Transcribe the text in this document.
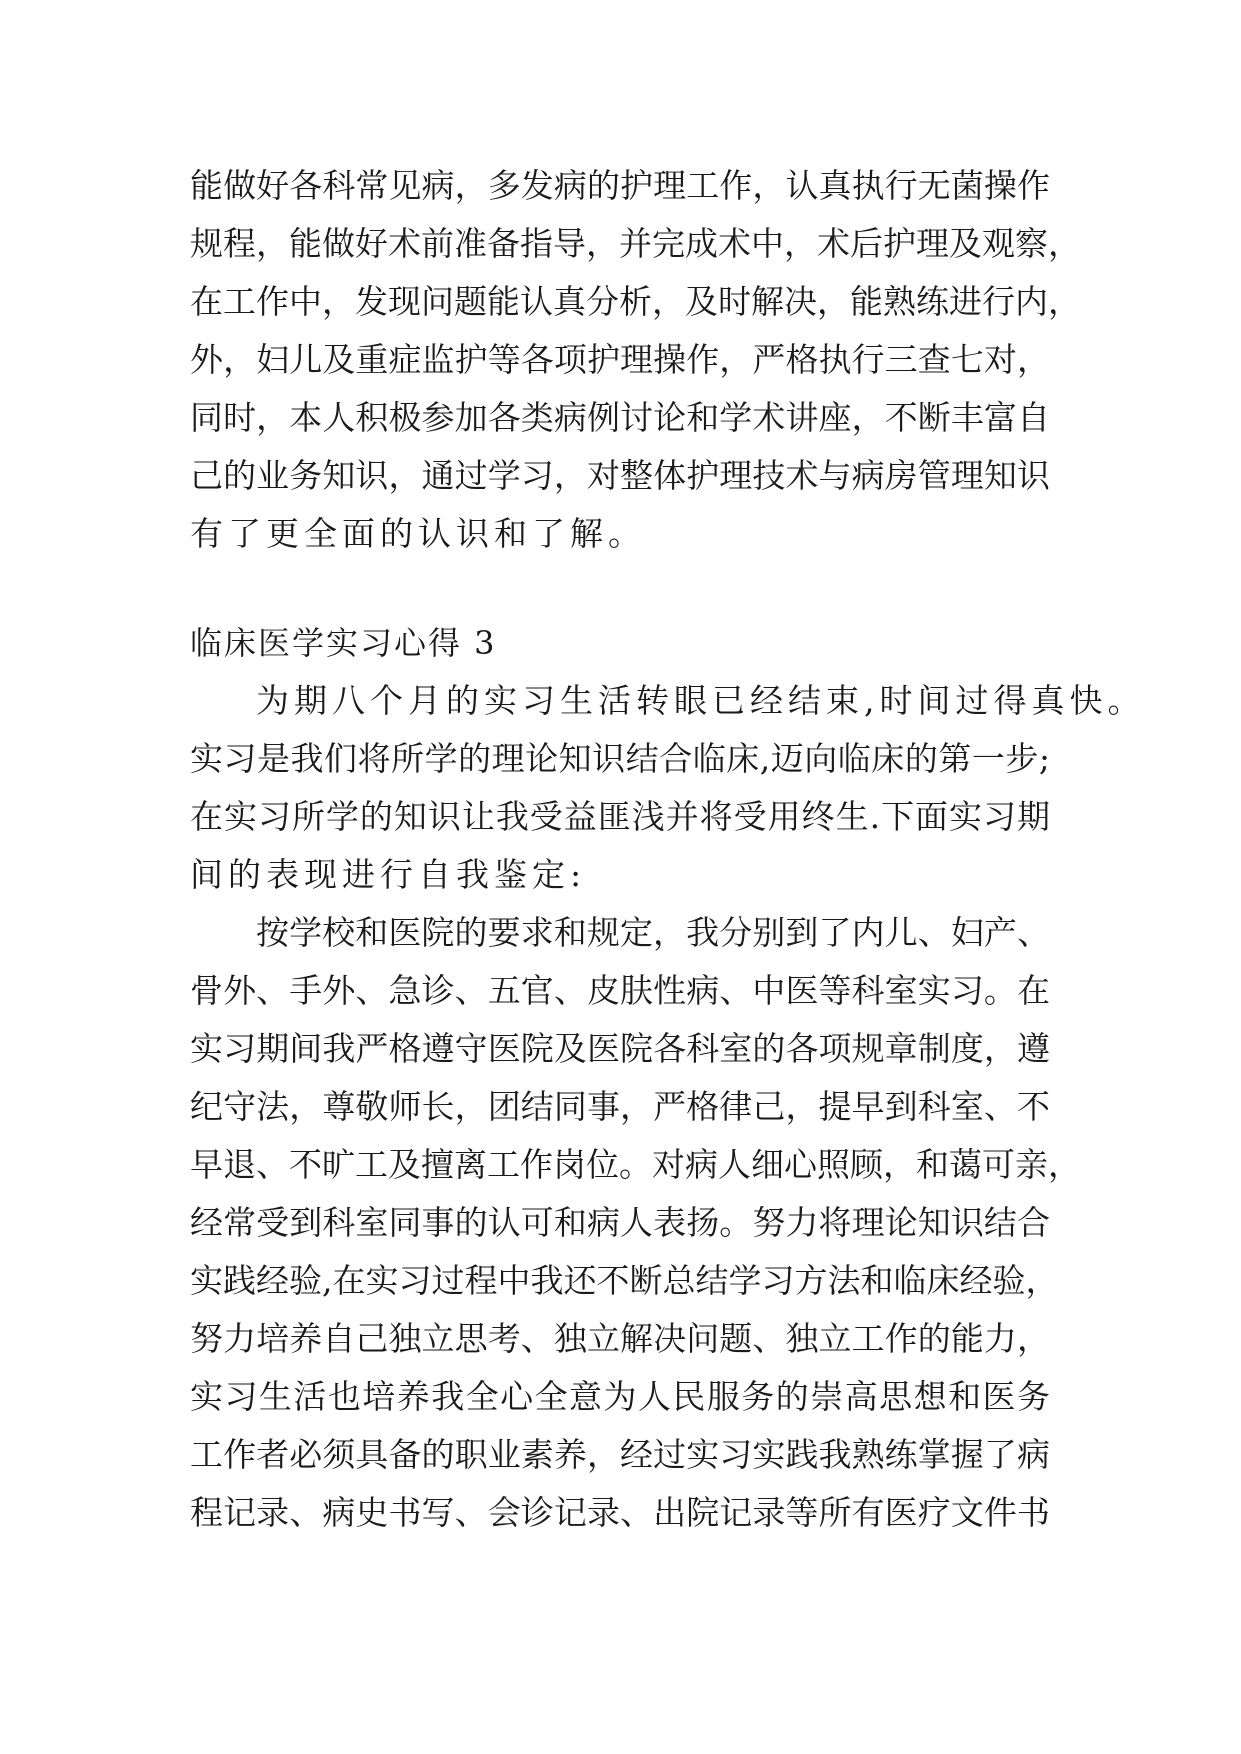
能做好各科常见病，多发病的护理工作，认真执行无菌操作
规程，能做好术前准备指导，并完成术中，术后护理及观察，
在工作中，发现问题能认真分析，及时解决，能熟练进行内，
外，妇儿及重症监护等各项护理操作，严格执行三查七对，
同时，本人积极参加各类病例讨论和学术讲座，不断丰富自
己的业务知识，通过学习，对整体护理技术与病房管理知识
有了更全面的认识和了解。
临床医学实习心得 3
为期八个月的实习生活转眼已经结束,时间过得真快。
实习是我们将所学的理论知识结合临床,迈向临床的第一步;
在实习所学的知识让我受益匪浅并将受用终生.下面实习期
间的表现进行自我鉴定:
按学校和医院的要求和规定，我分别到了内儿、妇产、
骨外、手外、急诊、五官、皮肤性病、中医等科室实习。在
实习期间我严格遵守医院及医院各科室的各项规章制度，遵
纪守法，尊敬师长，团结同事，严格律己，提早到科室、不
早退、不旷工及擅离工作岗位。对病人细心照顾，和蔼可亲，
经常受到科室同事的认可和病人表扬。努力将理论知识结合
实践经验,在实习过程中我还不断总结学习方法和临床经验，
努力培养自己独立思考、独立解决问题、独立工作的能力，
实习生活也培养我全心全意为人民服务的崇高思想和医务
工作者必须具备的职业素养，经过实习实践我熟练掌握了病
程记录、病史书写、会诊记录、出院记录等所有医疗文件书
